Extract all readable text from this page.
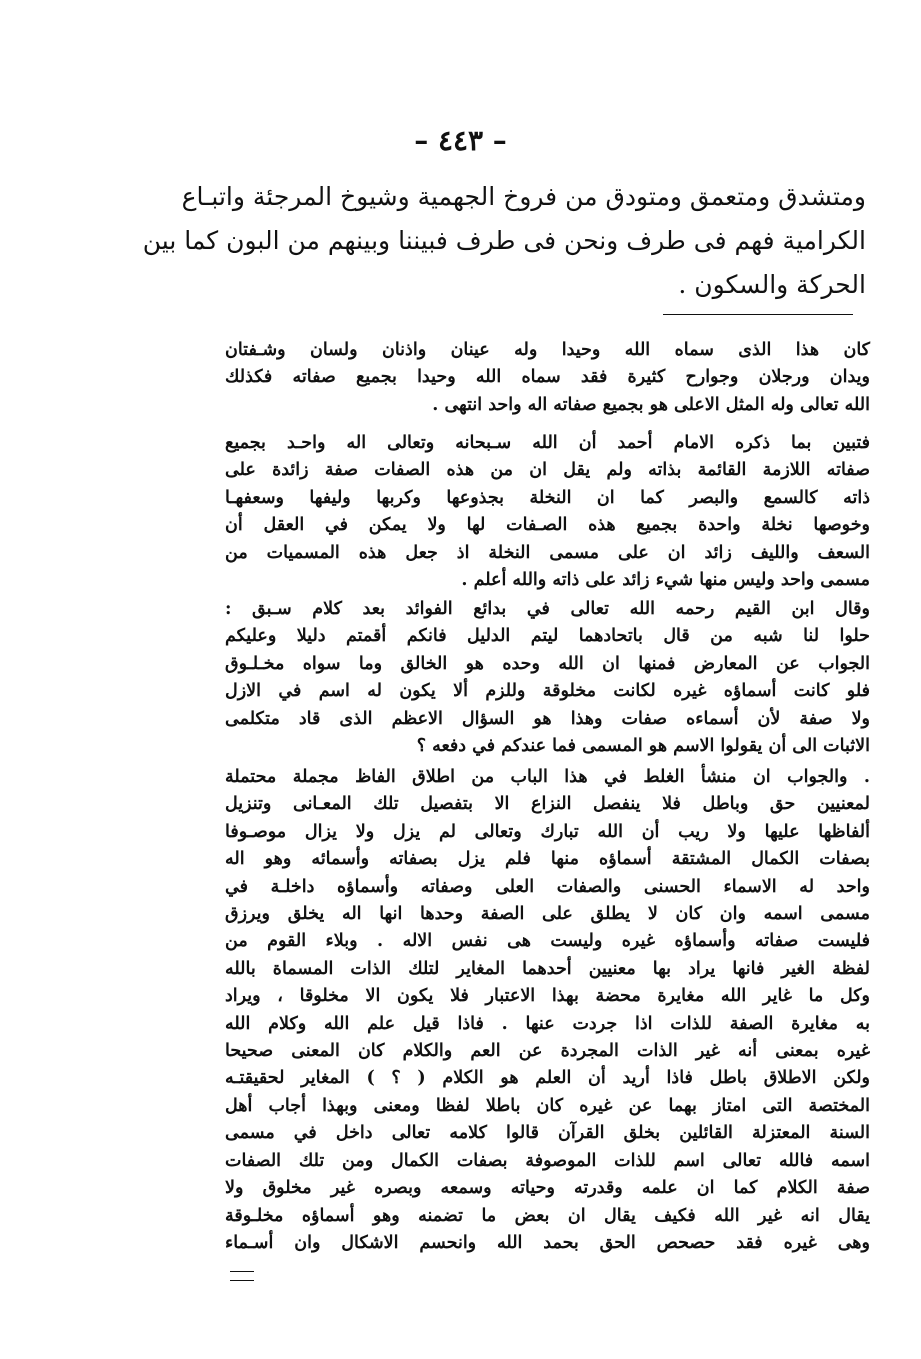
– ٤٤٣ –
ومتشدق ومتعمق ومتودق من فروخ الجهمية وشيوخ المرجئة واتبـاع
الكرامية فهم فى طرف ونحن فى طرف فبيننا وبينهم من البون كما بين
الحركة والسكون .
كان هذا الذى سماه الله وحيدا وله عينان واذنان ولسان وشـفتان
ويدان ورجلان وجوارح كثيرة فقد سماه الله وحيدا بجميع صفاته فكذلك
الله تعالى وله المثل الاعلى هو بجميع صفاته اله واحد انتهى .
فتبين بما ذكره الامام أحمد أن الله سـبحانه وتعالى اله واحـد بجميع
صفاته اللازمة القائمة بذاته ولم يقل ان من هذه الصفات صفة زائدة على
ذاته كالسمع والبصر كما ان النخلة بجذوعها وكربها وليفها وسعفهـا
وخوصها نخلة واحدة بجميع هذه الصـفات لها ولا يمكن في العقل أن
السعف والليف زائد ان على مسمى النخلة اذ جعل هذه المسميات من
مسمى واحد وليس منها شيء زائد على ذاته والله أعلم .
وقال ابن القيم رحمه الله تعالى في بدائع الفوائد بعد كلام سـبق :
حلوا لنا شبه من قال باتحادهما ليتم الدليل فانكم أقمتم دليلا وعليكم
الجواب عن المعارض فمنها ان الله وحده هو الخالق وما سواه مخـلـوق
فلو كانت أسماؤه غيره لكانت مخلوقة وللزم ألا يكون له اسم في الازل
ولا صفة لأن أسماءه صفات وهذا هو السؤال الاعظم الذى قاد متكلمى
الاثبات الى أن يقولوا الاسم هو المسمى فما عندكم في دفعه ؟
. والجواب ان منشأ الغلط في هذا الباب من اطلاق الفاظ مجملة محتملة
لمعنيين حق وباطل فلا ينفصل النزاع الا بتفصيل تلك المعـانى وتنزيل
ألفاظها عليها ولا ريب أن الله تبارك وتعالى لم يزل ولا يزال موصـوفا
بصفات الكمال المشتقة أسماؤه منها فلم يزل بصفاته وأسمائه وهو اله
واحد له الاسماء الحسنى والصفات العلى وصفاته وأسماؤه داخلـة في
مسمى اسمه وان كان لا يطلق على الصفة وحدها انها اله يخلق ويرزق
فليست صفاته وأسماؤه غيره وليست هى نفس الاله . وبلاء القوم من
لفظة الغير فانها يراد بها معنيين أحدهما المغاير لتلك الذات المسماة بالله
وكل ما غاير الله مغايرة محضة بهذا الاعتبار فلا يكون الا مخلوقا ، ويراد
به مغايرة الصفة للذات اذا جردت عنها . فاذا قيل علم الله وكلام الله
غيره بمعنى أنه غير الذات المجردة عن العم والكلام كان المعنى صحيحا
ولكن الاطلاق باطل فاذا أريد أن العلم هو الكلام ( ؟ ) المغاير لحقيقتـه
المختصة التى امتاز بهما عن غيره كان باطلا لفظا ومعنى وبهذا أجاب أهل
السنة المعتزلة القائلين بخلق القرآن قالوا كلامه تعالى داخل في مسمى
اسمه فالله تعالى اسم للذات الموصوفة بصفات الكمال ومن تلك الصفات
صفة الكلام كما ان علمه وقدرته وحياته وسمعه وبصره غير مخلوق ولا
يقال انه غير الله فكيف يقال ان بعض ما تضمنه وهو أسماؤه مخلـوقة
وهى غيره فقد حصحص الحق بحمد الله وانحسم الاشكال وان أسـماء
